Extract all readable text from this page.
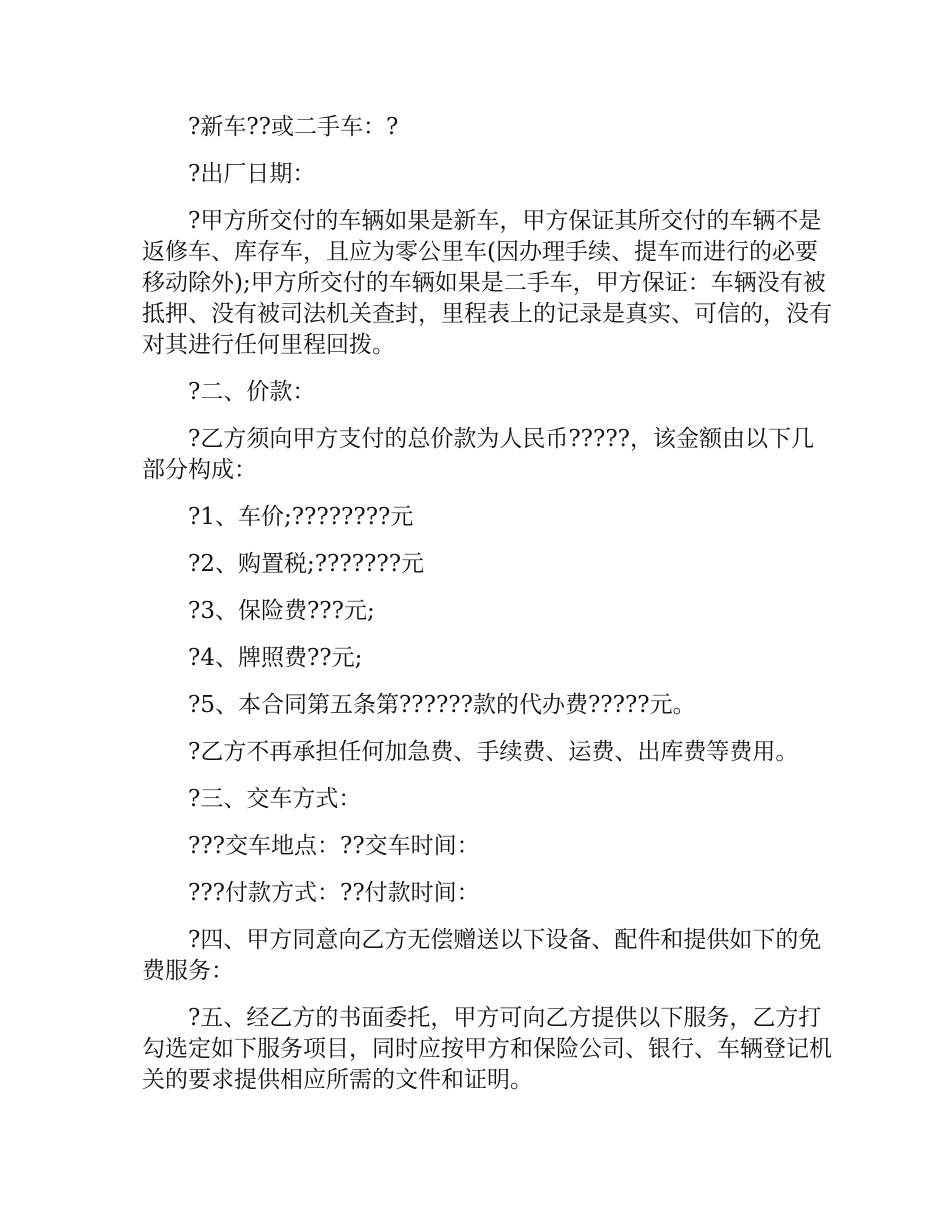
?新车??或二手车：?

?出厂日期：

?甲方所交付的车辆如果是新车，甲方保证其所交付的车辆不是返修车、库存车，且应为零公里车(因办理手续、提车而进行的必要移动除外);甲方所交付的车辆如果是二手车，甲方保证：车辆没有被抵押、没有被司法机关查封，里程表上的记录是真实、可信的，没有对其进行任何里程回拨。

?二、价款：

?乙方须向甲方支付的总价款为人民币?????，该金额由以下几部分构成：

?1、车价;????????元

?2、购置税;???????元

?3、保险费???元;

?4、牌照费??元;

?5、本合同第五条第??????款的代办费?????元。

?乙方不再承担任何加急费、手续费、运费、出库费等费用。

?三、交车方式：

???交车地点：??交车时间：

???付款方式：??付款时间：

?四、甲方同意向乙方无偿赠送以下设备、配件和提供如下的免费服务：

?五、经乙方的书面委托，甲方可向乙方提供以下服务，乙方打勾选定如下服务项目，同时应按甲方和保险公司、银行、车辆登记机关的要求提供相应所需的文件和证明。
